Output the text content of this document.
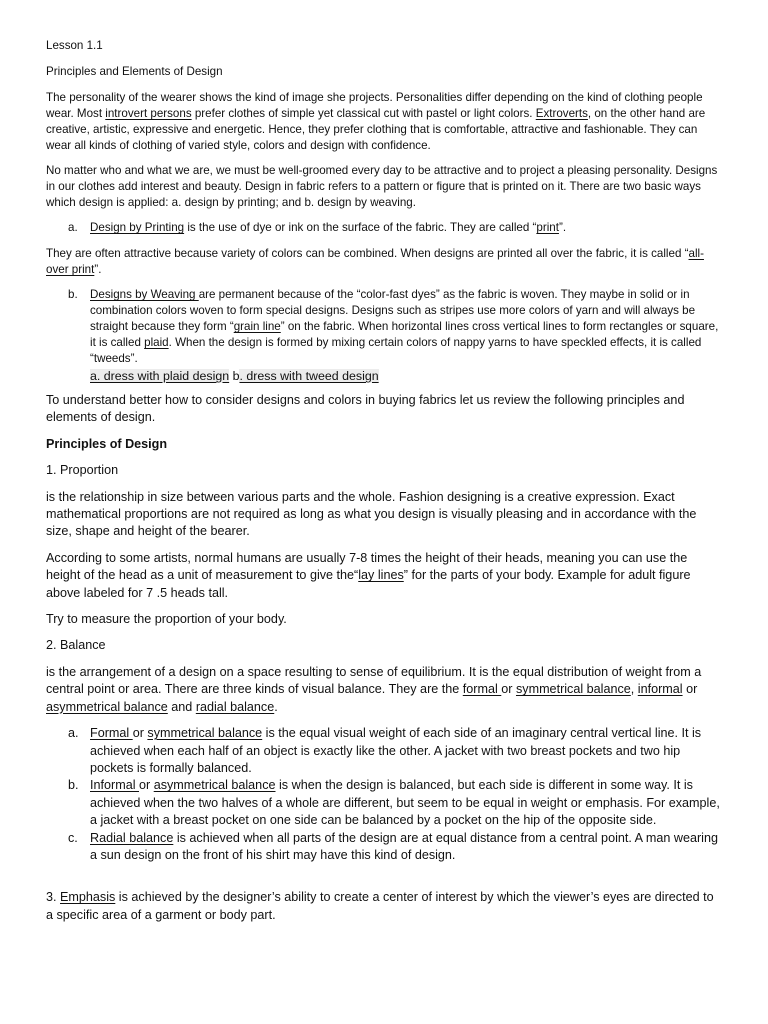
Lesson 1.1

Principles and Elements of Design

The personality of the wearer shows the kind of image she projects. Personalities differ depending on the kind of clothing people wear. Most introvert persons prefer clothes of simple yet classical cut with pastel or light colors. Extroverts, on the other hand are creative, artistic, expressive and energetic. Hence, they prefer clothing that is comfortable, attractive and fashionable. They can wear all kinds of clothing of varied style, colors and design with confidence.

No matter who and what we are, we must be well-groomed every day to be attractive and to project a pleasing personality. Designs in our clothes add interest and beauty. Design in fabric refers to a pattern or figure that is printed on it. There are two basic ways which design is applied: a. design by printing; and b. design by weaving.

a.	Design by Printing is the use of dye or ink on the surface of the fabric. They are called “print”.

They are often attractive because variety of colors can be combined. When designs are printed all over the fabric, it is called “all- over print”.

b.	Designs by Weaving are permanent because of the “color-fast dyes” as the fabric is woven. They maybe in solid or in combination colors woven to form special designs. Designs such as stripes use more colors of yarn and will always be straight because they form “grain line” on the fabric. When horizontal lines cross vertical lines to form rectangles or square, it is called plaid. When the design is formed by mixing certain colors of nappy yarns to have speckled effects, it is called “tweeds”.
a. dress with plaid design b. dress with tweed design

To understand better how to consider designs and colors in buying fabrics let us review the following principles and elements of design.

Principles of Design

1. Proportion

is the relationship in size between various parts and the whole. Fashion designing is a creative expression. Exact mathematical proportions are not required as long as what you design is visually pleasing and in accordance with the size, shape and height of the bearer.

According to some artists, normal humans are usually 7-8 times the height of their heads, meaning you can use the height of the head as a unit of measurement to give the“lay lines” for the parts of your body. Example for adult figure above labeled for 7 .5 heads tall.

Try to measure the proportion of your body.

2. Balance

is the arrangement of a design on a space resulting to sense of equilibrium. It is the equal distribution of weight from a central point or area. There are three kinds of visual balance. They are the formal or symmetrical balance, informal or asymmetrical balance and radial balance.

a. Formal or symmetrical balance is the equal visual weight of each side of an imaginary central vertical line. It is achieved when each half of an object is exactly like the other. A jacket with two breast pockets and two hip pockets is formally balanced.
b. Informal or asymmetrical balance is when the design is balanced, but each side is different in some way. It is achieved when the two halves of a whole are different, but seem to be equal in weight or emphasis. For example, a jacket with a breast pocket on one side can be balanced by a pocket on the hip of the opposite side.
c. Radial balance is achieved when all parts of the design are at equal distance from a central point. A man wearing a sun design on the front of his shirt may have this kind of design.

3. Emphasis is achieved by the designer’s ability to create a center of interest by which the viewer’s eyes are directed to a specific area of a garment or body part.
